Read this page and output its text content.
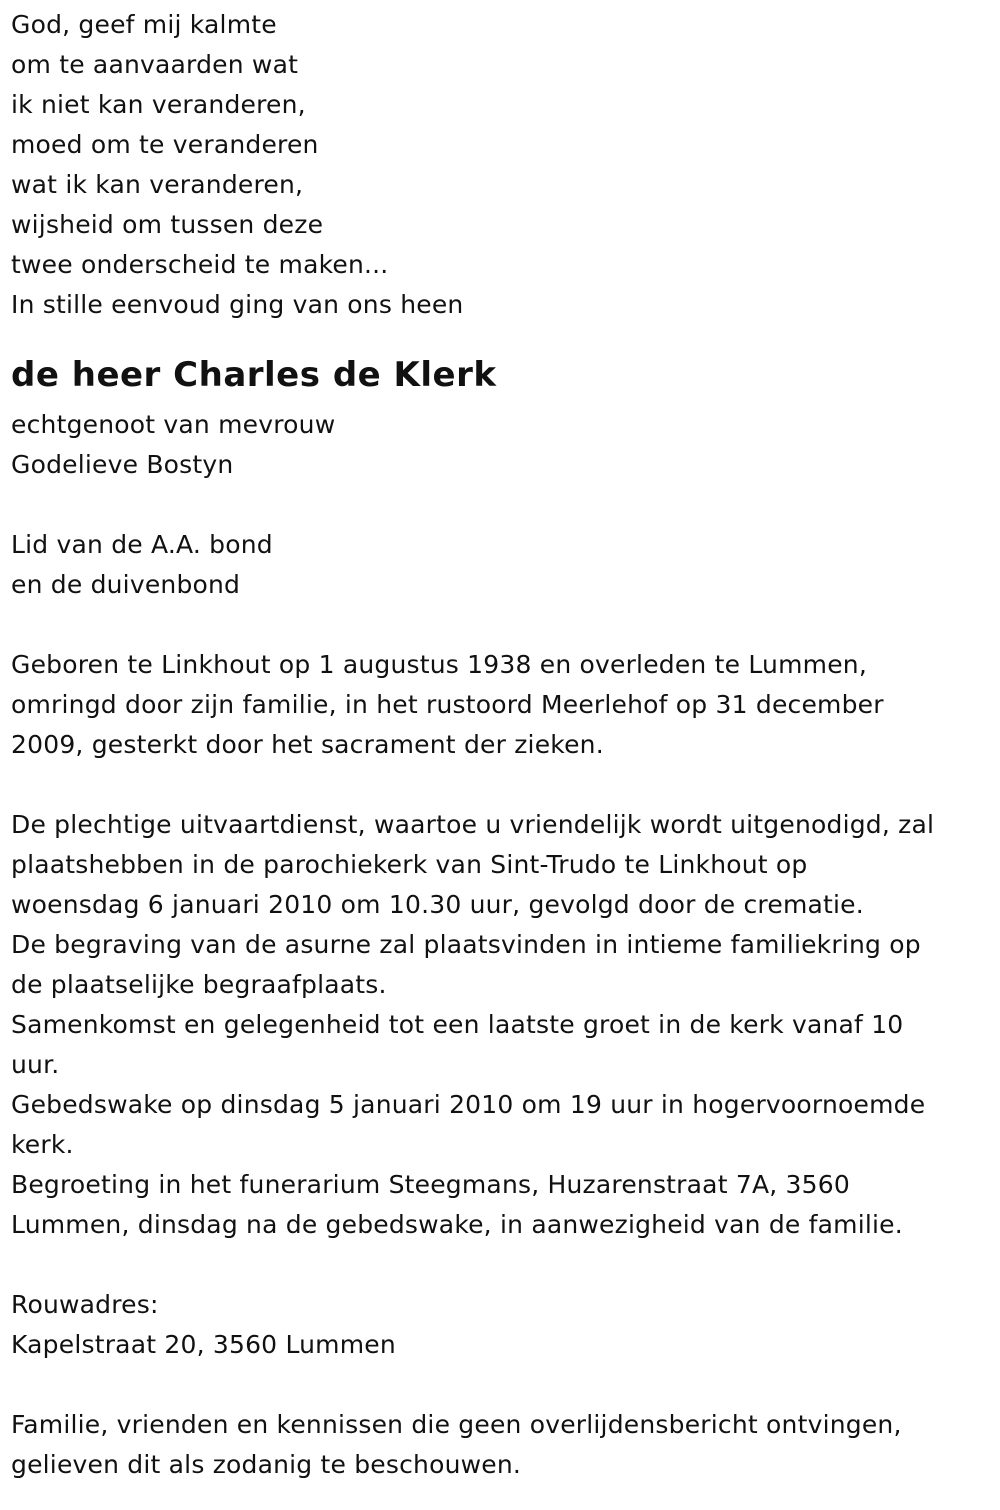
God, geef mij kalmte
om te aanvaarden wat
ik niet kan veranderen,
moed om te veranderen
wat ik kan veranderen,
wijsheid om tussen deze
twee onderscheid te maken...
In stille eenvoud ging van ons heen
de heer Charles de Klerk
echtgenoot van mevrouw
Godelieve Bostyn
Lid van de A.A. bond
en de duivenbond
Geboren te Linkhout op 1 augustus 1938 en overleden te Lummen,
omringd door zijn familie, in het rustoord Meerlehof op 31 december
2009, gesterkt door het sacrament der zieken.
De plechtige uitvaartdienst, waartoe u vriendelijk wordt uitgenodigd, zal
plaatshebben in de parochiekerk van Sint-Trudo te Linkhout op
woensdag 6 januari 2010 om 10.30 uur, gevolgd door de crematie.
De begraving van de asurne zal plaatsvinden in intieme familiekring op
de plaatselijke begraafplaats.
Samenkomst en gelegenheid tot een laatste groet in de kerk vanaf 10
uur.
Gebedswake op dinsdag 5 januari 2010 om 19 uur in hogervoornoemde
kerk.
Begroeting in het funerarium Steegmans, Huzarenstraat 7A, 3560
Lummen, dinsdag na de gebedswake, in aanwezigheid van de familie.
Rouwadres:
Kapelstraat 20, 3560 Lummen
Familie, vrienden en kennissen die geen overlijdensbericht ontvingen,
gelieven dit als zodanig te beschouwen.
